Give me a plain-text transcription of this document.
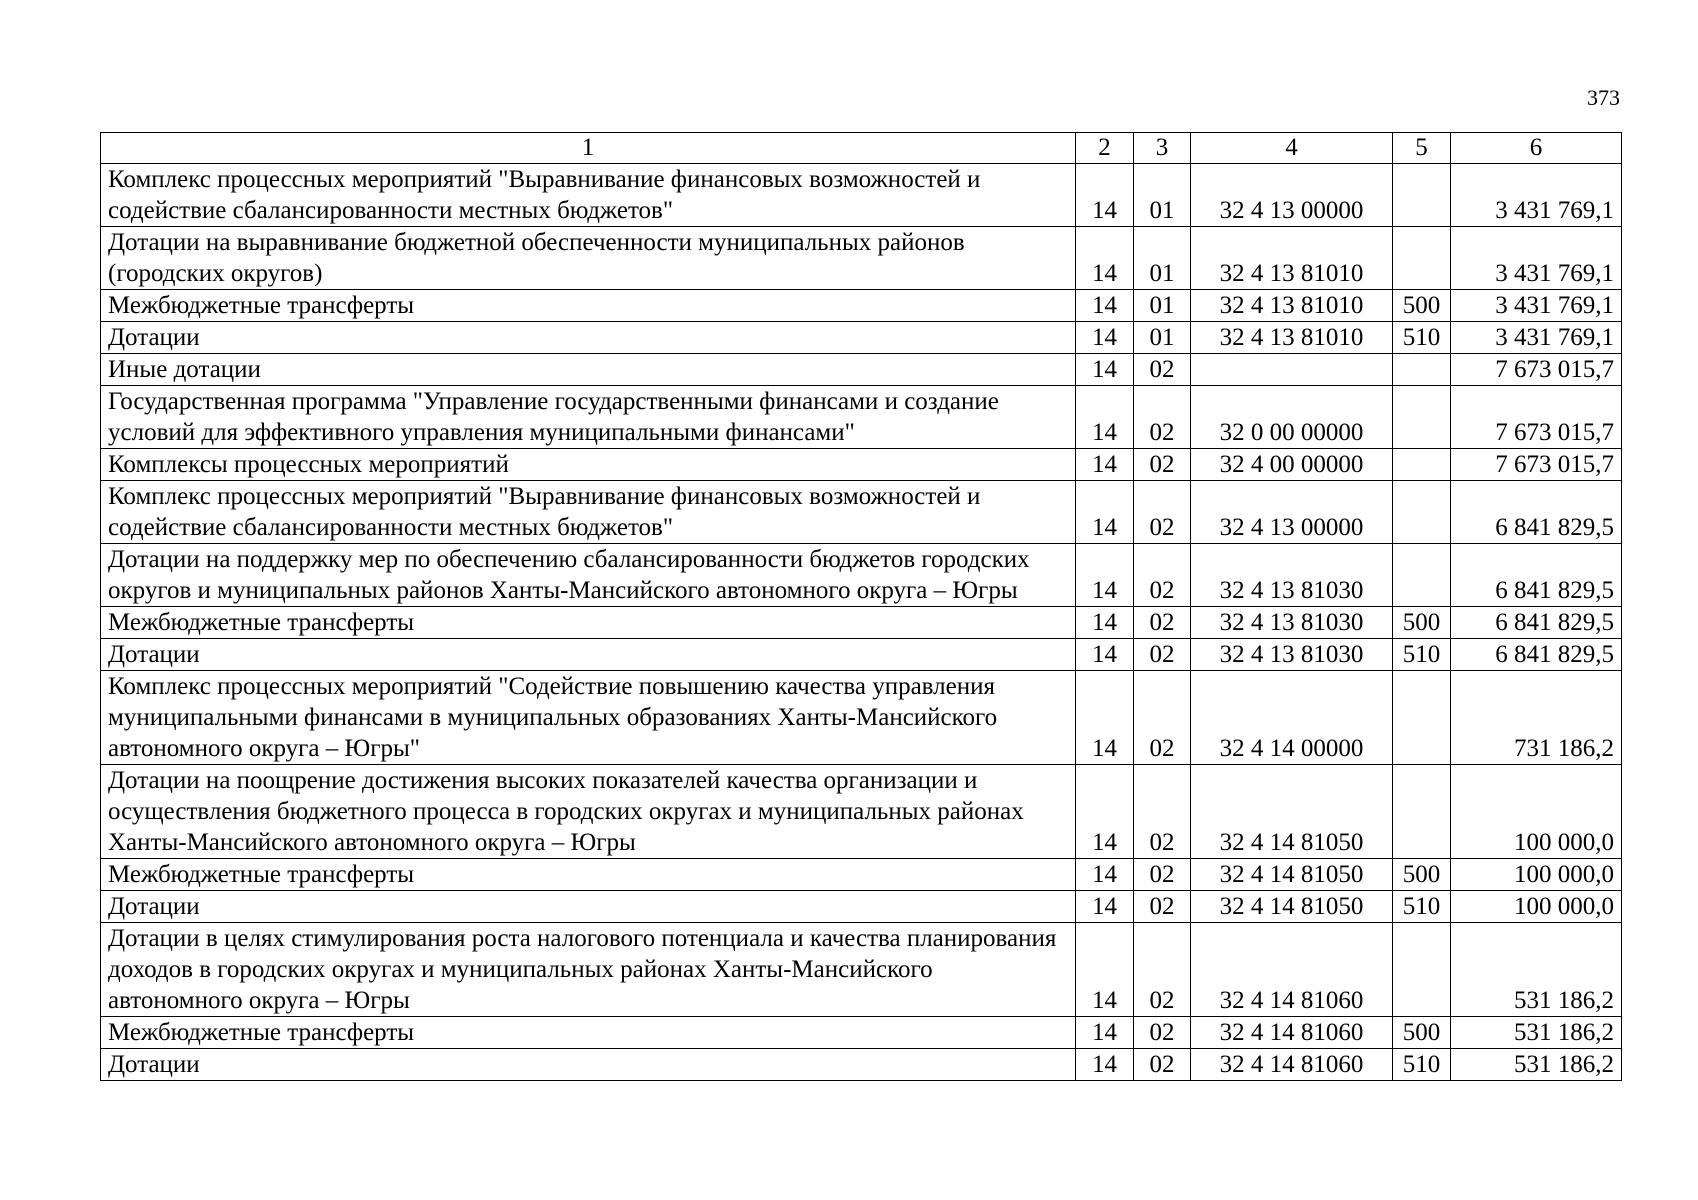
373
1	2	3	4	5	6
Комплекс процессных мероприятий "Выравнивание финансовых возможностей и содействие сбалансированности местных бюджетов"	14	01	32 4 13 00000		3 431 769,1
Дотации на выравнивание бюджетной обеспеченности муниципальных районов (городских округов)	14	01	32 4 13 81010		3 431 769,1
Межбюджетные трансферты	14	01	32 4 13 81010	500	3 431 769,1
Дотации	14	01	32 4 13 81010	510	3 431 769,1
Иные дотации	14	02			7 673 015,7
Государственная программа "Управление государственными финансами и создание условий для эффективного управления муниципальными финансами"	14	02	32 0 00 00000		7 673 015,7
Комплексы процессных мероприятий	14	02	32 4 00 00000		7 673 015,7
Комплекс процессных мероприятий "Выравнивание финансовых возможностей и содействие сбалансированности местных бюджетов"	14	02	32 4 13 00000		6 841 829,5
Дотации на поддержку мер по обеспечению сбалансированности бюджетов городских округов и муниципальных районов Ханты-Мансийского автономного округа – Югры	14	02	32 4 13 81030		6 841 829,5
Межбюджетные трансферты	14	02	32 4 13 81030	500	6 841 829,5
Дотации	14	02	32 4 13 81030	510	6 841 829,5
Комплекс процессных мероприятий "Содействие повышению качества управления муниципальными финансами в муниципальных образованиях Ханты-Мансийского автономного округа – Югры"	14	02	32 4 14 00000		731 186,2
Дотации на поощрение достижения высоких показателей качества организации и осуществления бюджетного процесса в городских округах и муниципальных районах Ханты-Мансийского автономного округа – Югры	14	02	32 4 14 81050		100 000,0
Межбюджетные трансферты	14	02	32 4 14 81050	500	100 000,0
Дотации	14	02	32 4 14 81050	510	100 000,0
Дотации в целях стимулирования роста налогового потенциала и качества планирования доходов в городских округах и муниципальных районах Ханты-Мансийского автономного округа – Югры	14	02	32 4 14 81060		531 186,2
Межбюджетные трансферты	14	02	32 4 14 81060	500	531 186,2
Дотации	14	02	32 4 14 81060	510	531 186,2
